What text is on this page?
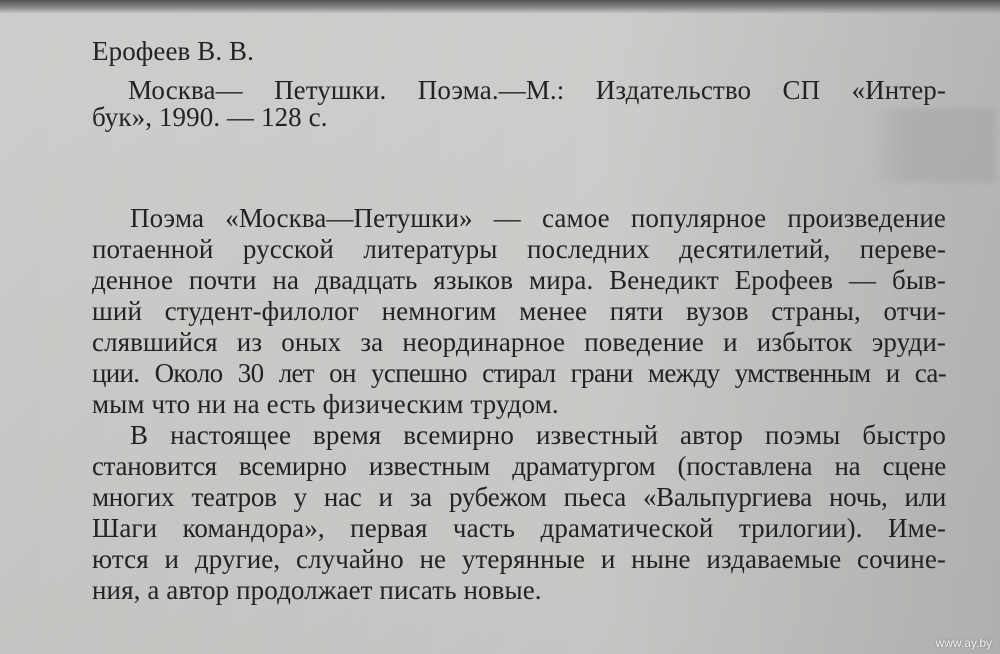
Ерофеев В. В.
Москва— Петушки. Поэма.—М.: Издательство СП «Интер-
бук», 1990. — 128 с.
Поэма «Москва—Петушки» — самое популярное произведение
потаенной русской литературы последних десятилетий, переве-
денное почти на двадцать языков мира. Венедикт Ерофеев — быв-
ший студент-филолог немногим менее пяти вузов страны, отчи-
слявшийся из оных за неординарное поведение и избыток эруди-
ции. Около 30 лет он успешно стирал грани между умственным и са-
мым что ни на есть физическим трудом.
В настоящее время всемирно известный автор поэмы быстро
становится всемирно известным драматургом (поставлена на сцене
многих театров у нас и за рубежом пьеса «Вальпургиева ночь, или
Шаги командора», первая часть драматической трилогии). Име-
ются и другие, случайно не утерянные и ныне издаваемые сочине-
ния, а автор продолжает писать новые.
www.ay.by
